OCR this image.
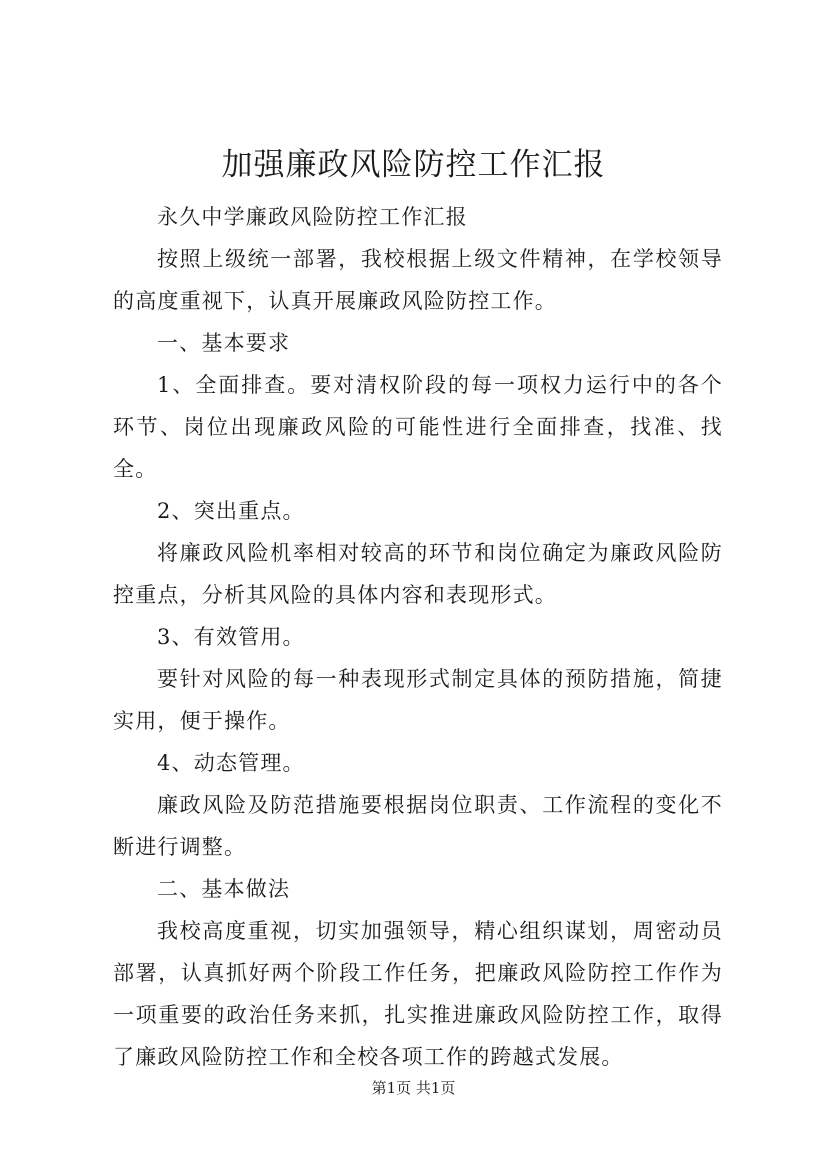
加强廉政风险防控工作汇报

永久中学廉政风险防控工作汇报

按照上级统一部署，我校根据上级文件精神，在学校领导的高度重视下，认真开展廉政风险防控工作。

一、基本要求

1、全面排查。要对清权阶段的每一项权力运行中的各个环节、岗位出现廉政风险的可能性进行全面排查，找准、找全。

2、突出重点。

将廉政风险机率相对较高的环节和岗位确定为廉政风险防控重点，分析其风险的具体内容和表现形式。

3、有效管用。

要针对风险的每一种表现形式制定具体的预防措施，简捷实用，便于操作。

4、动态管理。

廉政风险及防范措施要根据岗位职责、工作流程的变化不断进行调整。

二、基本做法

我校高度重视，切实加强领导，精心组织谋划，周密动员部署，认真抓好两个阶段工作任务，把廉政风险防控工作作为一项重要的政治任务来抓，扎实推进廉政风险防控工作，取得了廉政风险防控工作和全校各项工作的跨越式发展。

第1页 共1页
